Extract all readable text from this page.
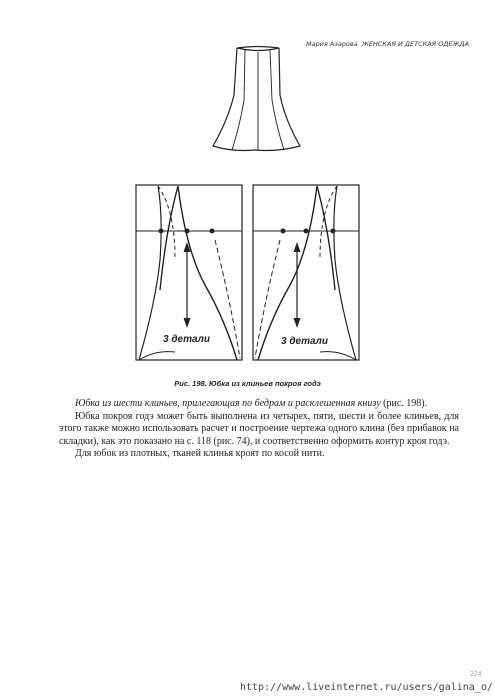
Мария Азарова ЖЕНСКАЯ И ДЕТСКАЯ ОДЕЖДА
3 детали	3 детали
Рис. 198. Юбка из клиньев покроя годэ

Юбка из шести клиньев, прилегающая по бедрам и расклешенная книзу (рис. 198).

Юбка покроя годэ может быть выполнена из четырех, пяти, шести и более клиньев, для этого также можно использовать расчет и построение чертежа одного клина (без прибавок на складки), как это показано на с. 118 (рис. 74), и соответственно оформить контур кроя годэ.

Для юбок из плотных, тканей клинья кроят по косой нити.

224
http://www.liveinternet.ru/users/galina_o/
